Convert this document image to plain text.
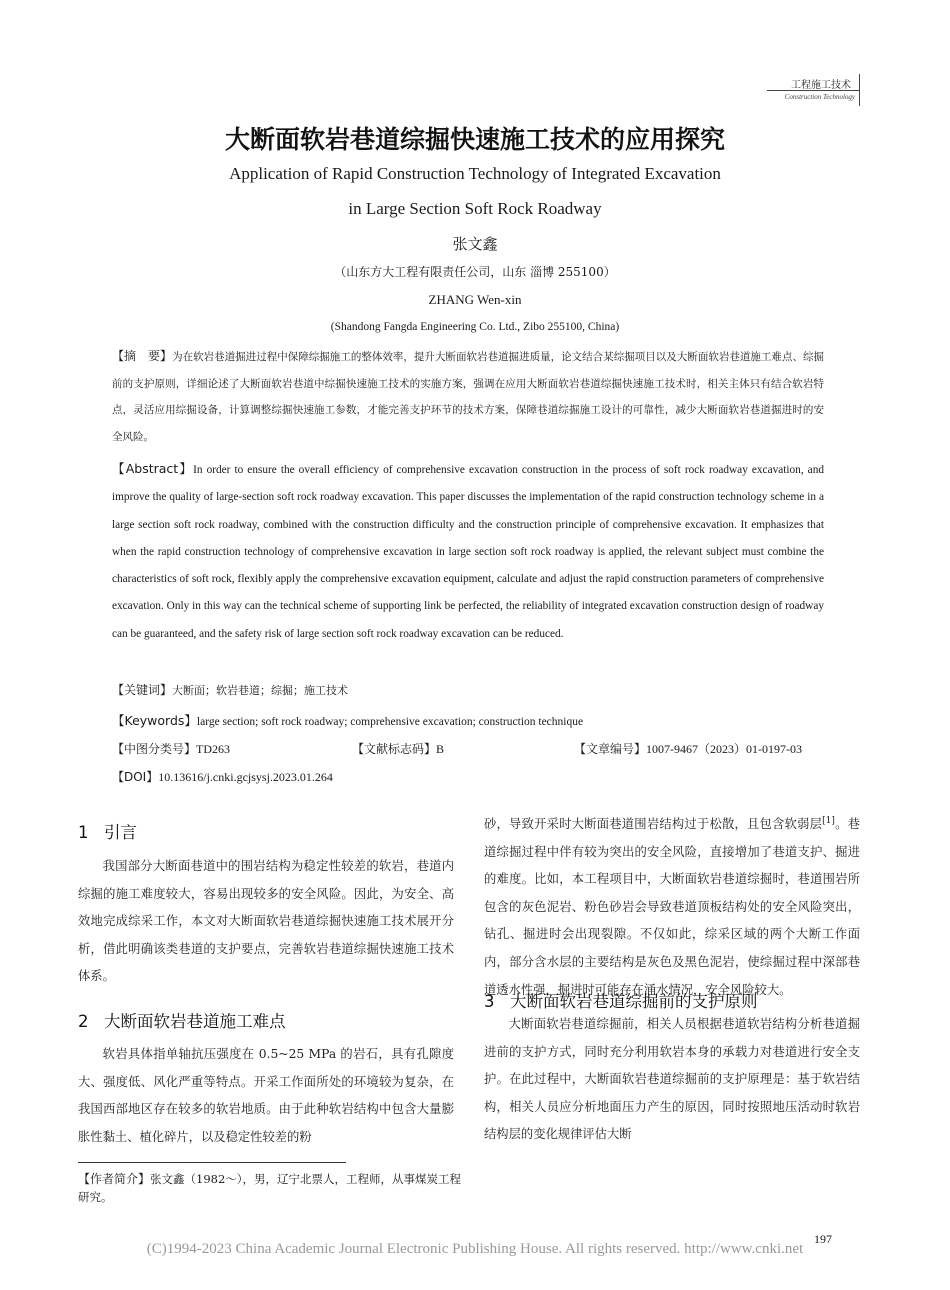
工程施工技术
Construction Technology
大断面软岩巷道综掘快速施工技术的应用探究
Application of Rapid Construction Technology of Integrated Excavation
in Large Section Soft Rock Roadway
张文鑫
（山东方大工程有限责任公司，山东 淄博 255100）
ZHANG Wen-xin
(Shandong Fangda Engineering Co. Ltd., Zibo 255100, China)
【摘　要】为在软岩巷道掘进过程中保障综掘施工的整体效率，提升大断面软岩巷道掘进质量，论文结合某综掘项目以及大断面软岩巷道施工难点、综掘前的支护原则，详细论述了大断面软岩巷道中综掘快速施工技术的实施方案，强调在应用大断面软岩巷道综掘快速施工技术时，相关主体只有结合软岩特点，灵活应用综掘设备，计算调整综掘快速施工参数，才能完善支护环节的技术方案，保障巷道综掘施工设计的可靠性，减少大断面软岩巷道掘进时的安全风险。
【Abstract】In order to ensure the overall efficiency of comprehensive excavation construction in the process of soft rock roadway excavation, and improve the quality of large-section soft rock roadway excavation. This paper discusses the implementation of the rapid construction technology scheme in a large section soft rock roadway, combined with the construction difficulty and the construction principle of comprehensive excavation. It emphasizes that when the rapid construction technology of comprehensive excavation in large section soft rock roadway is applied, the relevant subject must combine the characteristics of soft rock, flexibly apply the comprehensive excavation equipment, calculate and adjust the rapid construction parameters of comprehensive excavation. Only in this way can the technical scheme of supporting link be perfected, the reliability of integrated excavation construction design of roadway can be guaranteed, and the safety risk of large section soft rock roadway excavation can be reduced.
【关键词】大断面；软岩巷道；综掘；施工技术
【Keywords】large section; soft rock roadway; comprehensive excavation; construction technique
【中图分类号】TD263	【文献标志码】B	【文章编号】1007-9467（2023）01-0197-03
【DOI】10.13616/j.cnki.gcjsysj.2023.01.264
1 引言
我国部分大断面巷道中的围岩结构为稳定性较差的软岩，巷道内综掘的施工难度较大，容易出现较多的安全风险。因此，为安全、高效地完成综采工作，本文对大断面软岩巷道综掘快速施工技术展开分析，借此明确该类巷道的支护要点，完善软岩巷道综掘快速施工技术体系。
2 大断面软岩巷道施工难点
软岩具体指单轴抗压强度在 0.5~25 MPa 的岩石，具有孔隙度大、强度低、风化严重等特点。开采工作面所处的环境较为复杂，在我国西部地区存在较多的软岩地质。由于此种软岩结构中包含大量膨胀性黏土、植化碎片，以及稳定性较差的粉
砂，导致开采时大断面巷道围岩结构过于松散，且包含软弱层[1]。巷道综掘过程中伴有较为突出的安全风险，直接增加了巷道支护、掘进的难度。比如，本工程项目中，大断面软岩巷道综掘时，巷道围岩所包含的灰色泥岩、粉色砂岩会导致巷道顶板结构处的安全风险突出，钻孔、掘进时会出现裂隙。不仅如此，综采区域的两个大断工作面内，部分含水层的主要结构是灰色及黑色泥岩，使综掘过程中深部巷道透水性强，掘进时可能存在涌水情况，安全风险较大。
3 大断面软岩巷道综掘前的支护原则
大断面软岩巷道综掘前，相关人员根据巷道软岩结构分析巷道掘进前的支护方式，同时充分利用软岩本身的承载力对巷道进行安全支护。在此过程中，大断面软岩巷道综掘前的支护原理是：基于软岩结构，相关人员应分析地面压力产生的原因，同时按照地压活动时软岩结构层的变化规律评估大断
【作者简介】张文鑫（1982～），男，辽宁北票人，工程师，从事煤炭工程研究。
197
(C)1994-2023 China Academic Journal Electronic Publishing House. All rights reserved. http://www.cnki.net
